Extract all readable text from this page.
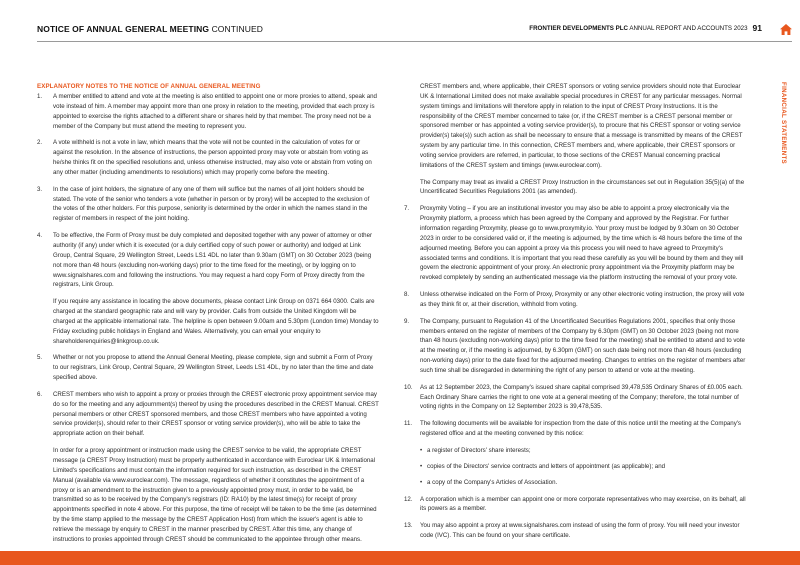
NOTICE OF ANNUAL GENERAL MEETING CONTINUED	FRONTIER DEVELOPMENTS PLC ANNUAL REPORT AND ACCOUNTS 2023 91
FINANCIAL STATEMENTS
EXPLANATORY NOTES TO THE NOTICE OF ANNUAL GENERAL MEETING
1. A member entitled to attend and vote at the meeting is also entitled to appoint one or more proxies to attend, speak and vote instead of him. A member may appoint more than one proxy in relation to the meeting, provided that each proxy is appointed to exercise the rights attached to a different share or shares held by that member. The proxy need not be a member of the Company but must attend the meeting to represent you.

2. A vote withheld is not a vote in law, which means that the vote will not be counted in the calculation of votes for or against the resolution. In the absence of instructions, the person appointed proxy may vote or abstain from voting as he/she thinks fit on the specified resolutions and, unless otherwise instructed, may also vote or abstain from voting on any other matter (including amendments to resolutions) which may properly come before the meeting.

3. In the case of joint holders, the signature of any one of them will suffice but the names of all joint holders should be stated. The vote of the senior who tenders a vote (whether in person or by proxy) will be accepted to the exclusion of the votes of the other holders. For this purpose, seniority is determined by the order in which the names stand in the register of members in respect of the joint holding.

4. To be effective, the Form of Proxy must be duly completed and deposited together with any power of attorney or other authority (if any) under which it is executed (or a duly certified copy of such power or authority) and lodged at Link Group, Central Square, 29 Wellington Street, Leeds LS1 4DL no later than 9.30am (GMT) on 30 October 2023 (being not more than 48 hours (excluding non-working days) prior to the time fixed for the meeting), or by logging on to www.signalshares.com and following the instructions. You may request a hard copy Form of Proxy directly from the registrars, Link Group.

If you require any assistance in locating the above documents, please contact Link Group on 0371 664 0300. Calls are charged at the standard geographic rate and will vary by provider. Calls from outside the United Kingdom will be charged at the applicable international rate. The helpline is open between 9.00am and 5.30pm (London time) Monday to Friday excluding public holidays in England and Wales. Alternatively, you can email your enquiry to shareholderenquiries@linkgroup.co.uk.

5. Whether or not you propose to attend the Annual General Meeting, please complete, sign and submit a Form of Proxy to our registrars, Link Group, Central Square, 29 Wellington Street, Leeds LS1 4DL, by no later than the time and date specified above.

6. CREST members who wish to appoint a proxy or proxies through the CREST electronic proxy appointment service may do so for the meeting and any adjournment(s) thereof by using the procedures described in the CREST Manual. CREST personal members or other CREST sponsored members, and those CREST members who have appointed a voting service provider(s), should refer to their CREST sponsor or voting service provider(s), who will be able to take the appropriate action on their behalf.

In order for a proxy appointment or instruction made using the CREST service to be valid, the appropriate CREST message (a CREST Proxy Instruction) must be properly authenticated in accordance with Euroclear UK & International Limited's specifications and must contain the information required for such instruction, as described in the CREST Manual (available via www.euroclear.com). The message, regardless of whether it constitutes the appointment of a proxy or is an amendment to the instruction given to a previously appointed proxy must, in order to be valid, be transmitted so as to be received by the Company's registrars (ID: RA10) by the latest time(s) for receipt of proxy appointments specified in note 4 above. For this purpose, the time of receipt will be taken to be the time (as determined by the time stamp applied to the message by the CREST Application Host) from which the issuer's agent is able to retrieve the message by enquiry to CREST in the manner prescribed by CREST. After this time, any change of instructions to proxies appointed through CREST should be communicated to the appointee through other means.

CREST members and, where applicable, their CREST sponsors or voting service providers should note that Euroclear UK & International Limited does not make available special procedures in CREST for any particular messages. Normal system timings and limitations will therefore apply in relation to the input of CREST Proxy Instructions. It is the responsibility of the CREST member concerned to take (or, if the CREST member is a CREST personal member or sponsored member or has appointed a voting service provider(s), to procure that his CREST sponsor or voting service provider(s) take(s)) such action as shall be necessary to ensure that a message is transmitted by means of the CREST system by any particular time. In this connection, CREST members and, where applicable, their CREST sponsors or voting service providers are referred, in particular, to those sections of the CREST Manual concerning practical limitations of the CREST system and timings (www.euroclear.com).

The Company may treat as invalid a CREST Proxy Instruction in the circumstances set out in Regulation 35(5)(a) of the Uncertificated Securities Regulations 2001 (as amended).

7. Proxymity Voting – if you are an institutional investor you may also be able to appoint a proxy electronically via the Proxymity platform, a process which has been agreed by the Company and approved by the Registrar. For further information regarding Proxymity, please go to www.proxymity.io. Your proxy must be lodged by 9.30am on 30 October 2023 in order to be considered valid or, if the meeting is adjourned, by the time which is 48 hours before the time of the adjourned meeting. Before you can appoint a proxy via this process you will need to have agreed to Proxymity's associated terms and conditions. It is important that you read these carefully as you will be bound by them and they will govern the electronic appointment of your proxy. An electronic proxy appointment via the Proxymity platform may be revoked completely by sending an authenticated message via the platform instructing the removal of your proxy vote.

8. Unless otherwise indicated on the Form of Proxy, Proxymity or any other electronic voting instruction, the proxy will vote as they think fit or, at their discretion, withhold from voting.

9. The Company, pursuant to Regulation 41 of the Uncertificated Securities Regulations 2001, specifies that only those members entered on the register of members of the Company by 6.30pm (GMT) on 30 October 2023 (being not more than 48 hours (excluding non-working days) prior to the time fixed for the meeting) shall be entitled to attend and to vote at the meeting or, if the meeting is adjourned, by 6.30pm (GMT) on such date being not more than 48 hours (excluding non-working days) prior to the date fixed for the adjourned meeting. Changes to entries on the register of members after such time shall be disregarded in determining the right of any person to attend or vote at the meeting.

10. As at 12 September 2023, the Company's issued share capital comprised 39,478,535 Ordinary Shares of £0.005 each. Each Ordinary Share carries the right to one vote at a general meeting of the Company; therefore, the total number of voting rights in the Company on 12 September 2023 is 39,478,535.

11. The following documents will be available for inspection from the date of this notice until the meeting at the Company's registered office and at the meeting convened by this notice:

• a register of Directors' share interests;
• copies of the Directors' service contracts and letters of appointment (as applicable); and
• a copy of the Company's Articles of Association.
12. A corporation which is a member can appoint one or more corporate representatives who may exercise, on its behalf, all its powers as a member.

13. You may also appoint a proxy at www.signalshares.com instead of using the form of proxy. You will need your investor code (IVC). This can be found on your share certificate.
